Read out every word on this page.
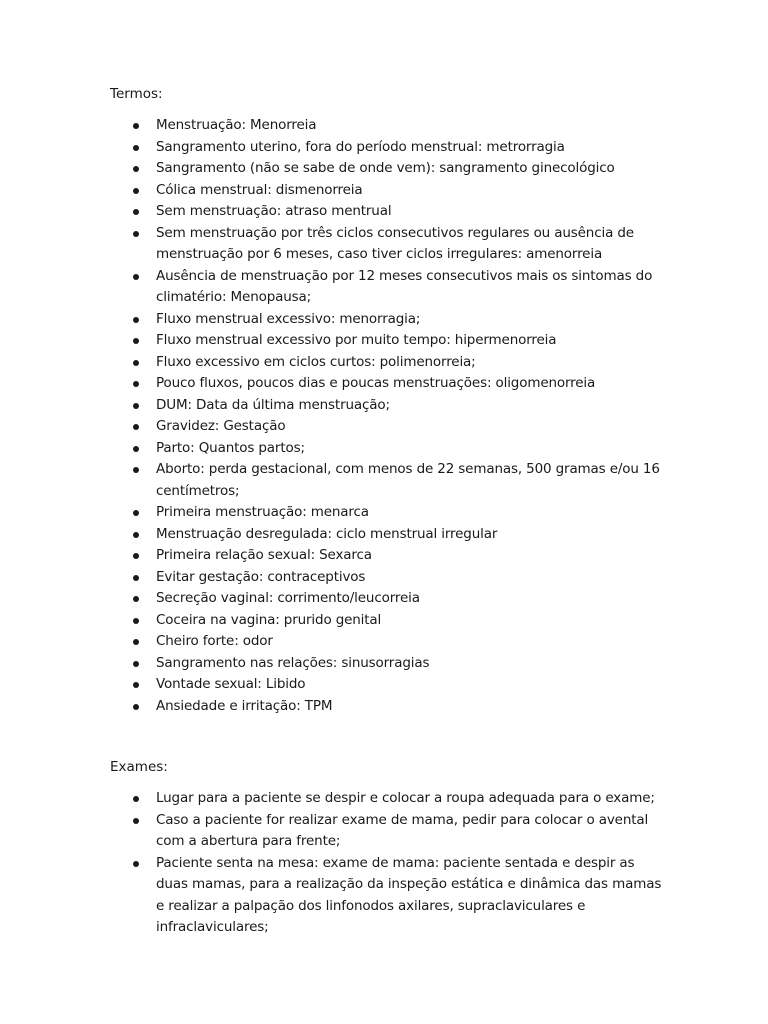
Termos:

Menstruação: Menorreia
Sangramento uterino, fora do período menstrual: metrorragia
Sangramento (não se sabe de onde vem): sangramento ginecológico
Cólica menstrual: dismenorreia
Sem menstruação: atraso mentrual
Sem menstruação por três ciclos consecutivos regulares ou ausência de menstruação por 6 meses, caso tiver ciclos irregulares: amenorreia
Ausência de menstruação por 12 meses consecutivos mais os sintomas do climatério: Menopausa;
Fluxo menstrual excessivo: menorragia;
Fluxo menstrual excessivo por muito tempo: hipermenorreia
Fluxo excessivo em ciclos curtos: polimenorreia;
Pouco fluxos, poucos dias e poucas menstruações: oligomenorreia
DUM: Data da última menstruação;
Gravidez: Gestação
Parto: Quantos partos;
Aborto: perda gestacional, com menos de 22 semanas, 500 gramas e/ou 16 centímetros;
Primeira menstruação: menarca
Menstruação desregulada: ciclo menstrual irregular
Primeira relação sexual: Sexarca
Evitar gestação: contraceptivos
Secreção vaginal: corrimento/leucorreia
Coceira na vagina: prurido genital
Cheiro forte: odor
Sangramento nas relações: sinusorragias
Vontade sexual: Libido
Ansiedade e irritação: TPM

Exames:

Lugar para a paciente se despir e colocar a roupa adequada para o exame;
Caso a paciente for realizar exame de mama, pedir para colocar o avental com a abertura para frente;
Paciente senta na mesa: exame de mama: paciente sentada e despir as duas mamas, para a realização da inspeção estática e dinâmica das mamas e realizar a palpação dos linfonodos axilares, supraclaviculares e infraclaviculares;
